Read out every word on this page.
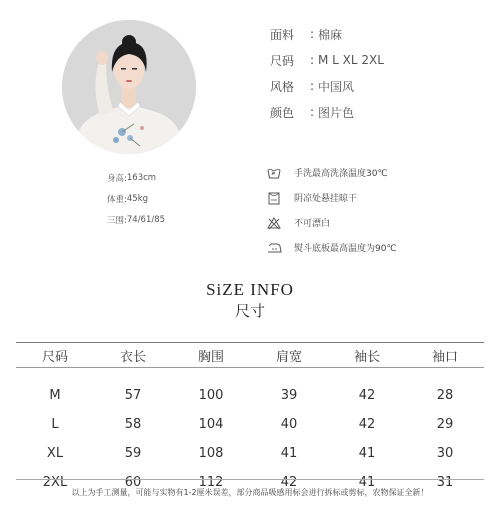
面料	: 棉麻
尺码	: M L XL 2XL
风格	: 中国风
颜色	: 图片色
身高: 163cm
体重: 45kg
三围: 74/61/85
手洗最高洗涤温度30℃
阴凉处悬挂晾干
不可漂白
熨斗底板最高温度为90℃
SiZE INFO
尺寸
尺码	衣长	胸围	肩宽	袖长	袖口
M	57	100	39	42	28
L	58	104	40	42	29
XL	59	108	41	41	30
2XL	60	112	42	41	31
以上为手工测量，可能与实物有1-2厘米误差，部分商品吸感用标会进行拆标或剪标，农物保证全新！
